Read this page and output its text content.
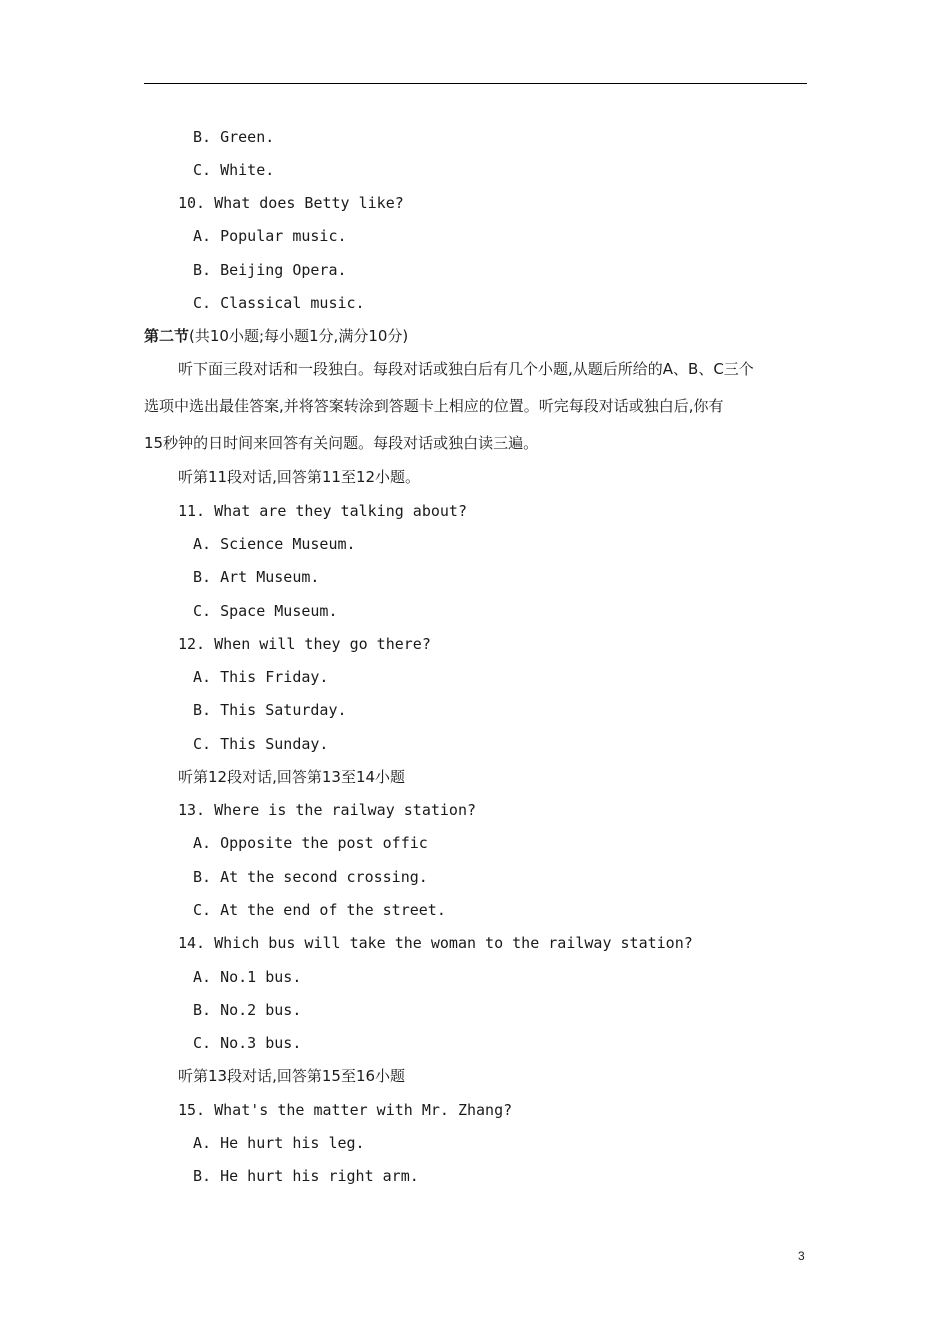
B. Green.
C. White.
10. What does Betty like?
A. Popular music.
B. Beijing Opera.
C. Classical music.
第二节(共10小题;每小题1分,满分10分)
听下面三段对话和一段独白。每段对话或独白后有几个小题,从题后所给的A、B、C三个
选项中选出最佳答案,并将答案转涂到答题卡上相应的位置。听完每段对话或独白后,你有
15秒钟的日时间来回答有关问题。每段对话或独白读三遍。
听第11段对话,回答第11至12小题。
11. What are they talking about?
A. Science Museum.
B. Art Museum.
C. Space Museum.
12. When will they go there?
A. This Friday.
B. This Saturday.
C. This Sunday.
听第12段对话,回答第13至14小题
13. Where is the railway station?
A. Opposite the post offic
B. At the second crossing.
C. At the end of the street.
14. Which bus will take the woman to the railway station?
A. No.1 bus.
B. No.2 bus.
C. No.3 bus.
听第13段对话,回答第15至16小题
15. What's the matter with Mr. Zhang?
A. He hurt his leg.
B. He hurt his right arm.
3
